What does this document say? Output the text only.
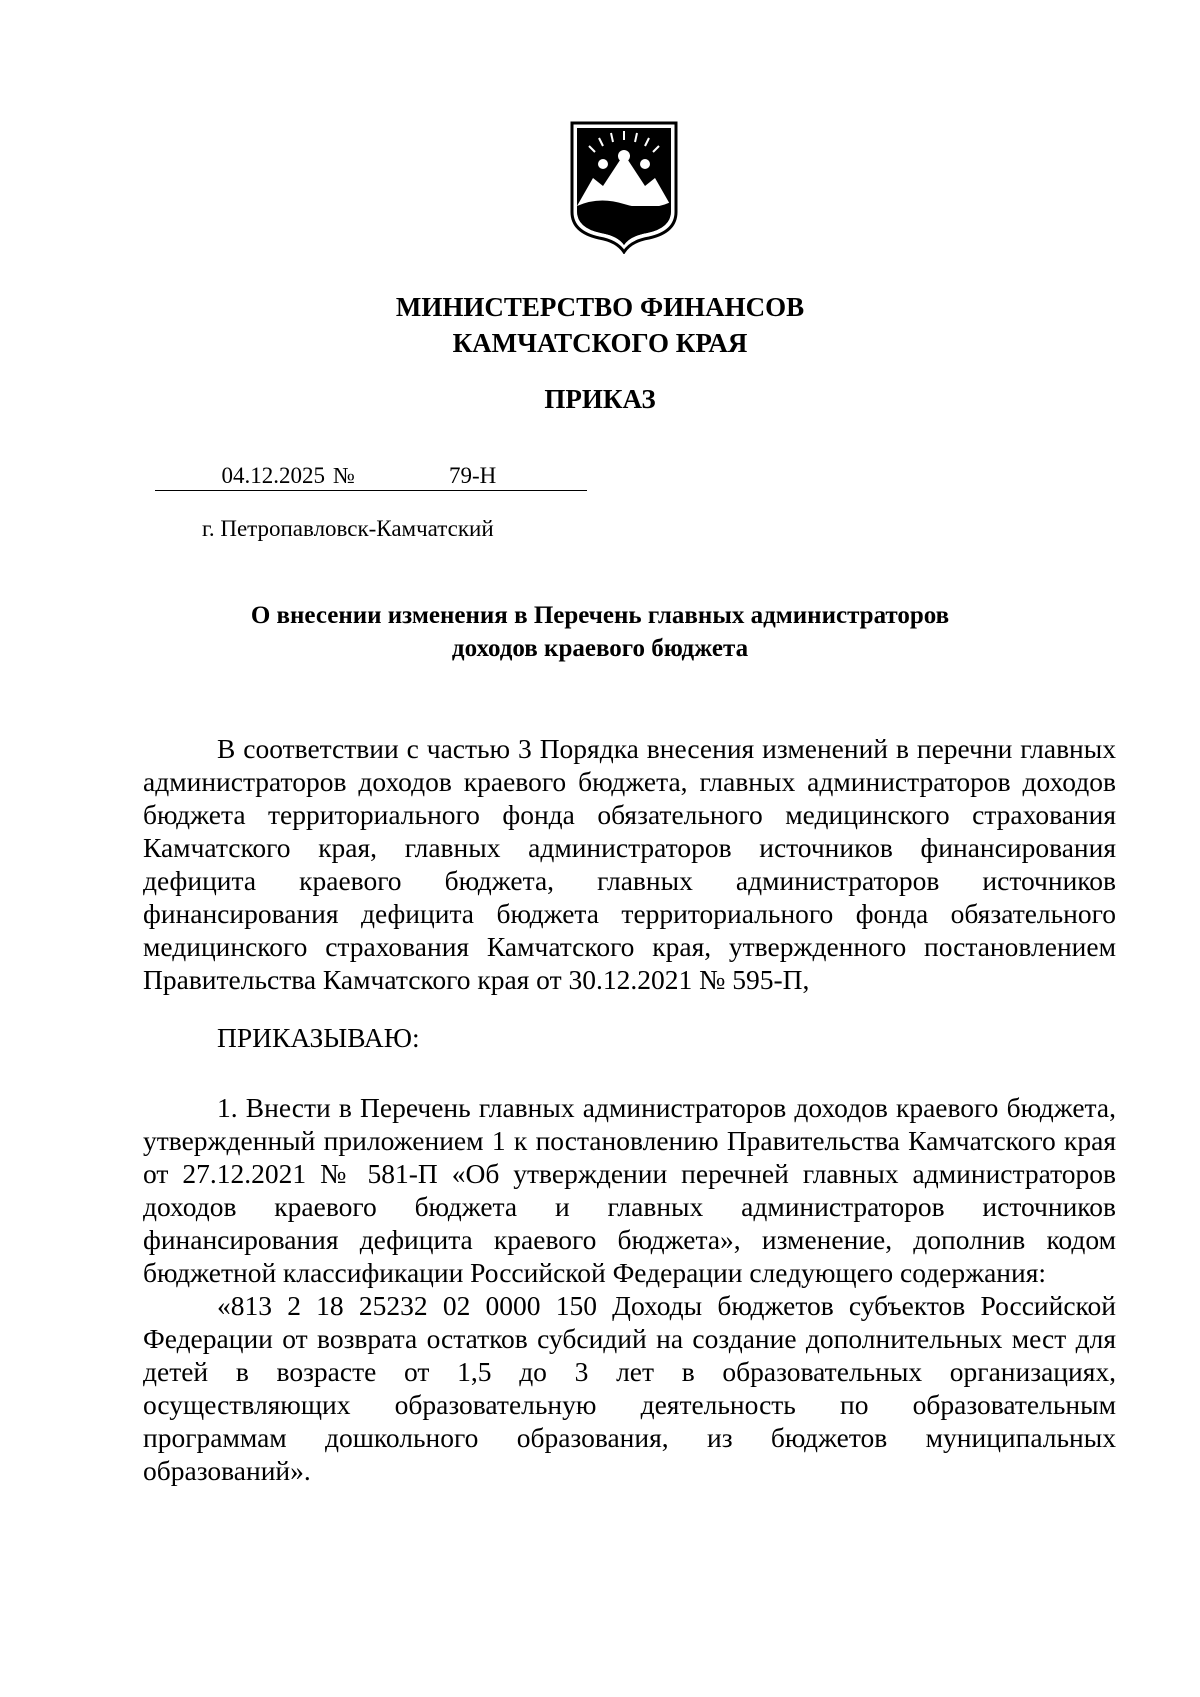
МИНИСТЕРСТВО ФИНАНСОВ
КАМЧАТСКОГО КРАЯ
ПРИКАЗ
04.12.2025 №	79-Н
г. Петропавловск-Камчатский
О внесении изменения в Перечень главных администраторов
доходов краевого бюджета

В соответствии с частью 3 Порядка внесения изменений в перечни главных администраторов доходов краевого бюджета, главных администраторов доходов бюджета территориального фонда обязательного медицинского страхования Камчатского края, главных администраторов источников финансирования дефицита краевого бюджета, главных администраторов источников финансирования дефицита бюджета территориального фонда обязательного медицинского страхования Камчатского края, утвержденного постановлением Правительства Камчатского края от 30.12.2021 № 595-П,

ПРИКАЗЫВАЮ:

1. Внести в Перечень главных администраторов доходов краевого бюджета, утвержденный приложением 1 к постановлению Правительства Камчатского края от 27.12.2021 № 581-П «Об утверждении перечней главных администраторов доходов краевого бюджета и главных администраторов источников финансирования дефицита краевого бюджета», изменение, дополнив кодом бюджетной классификации Российской Федерации следующего содержания:

«813 2 18 25232 02 0000 150 Доходы бюджетов субъектов Российской Федерации от возврата остатков субсидий на создание дополнительных мест для детей в возрасте от 1,5 до 3 лет в образовательных организациях, осуществляющих образовательную деятельность по образовательным программам дошкольного образования, из бюджетов муниципальных образований».
